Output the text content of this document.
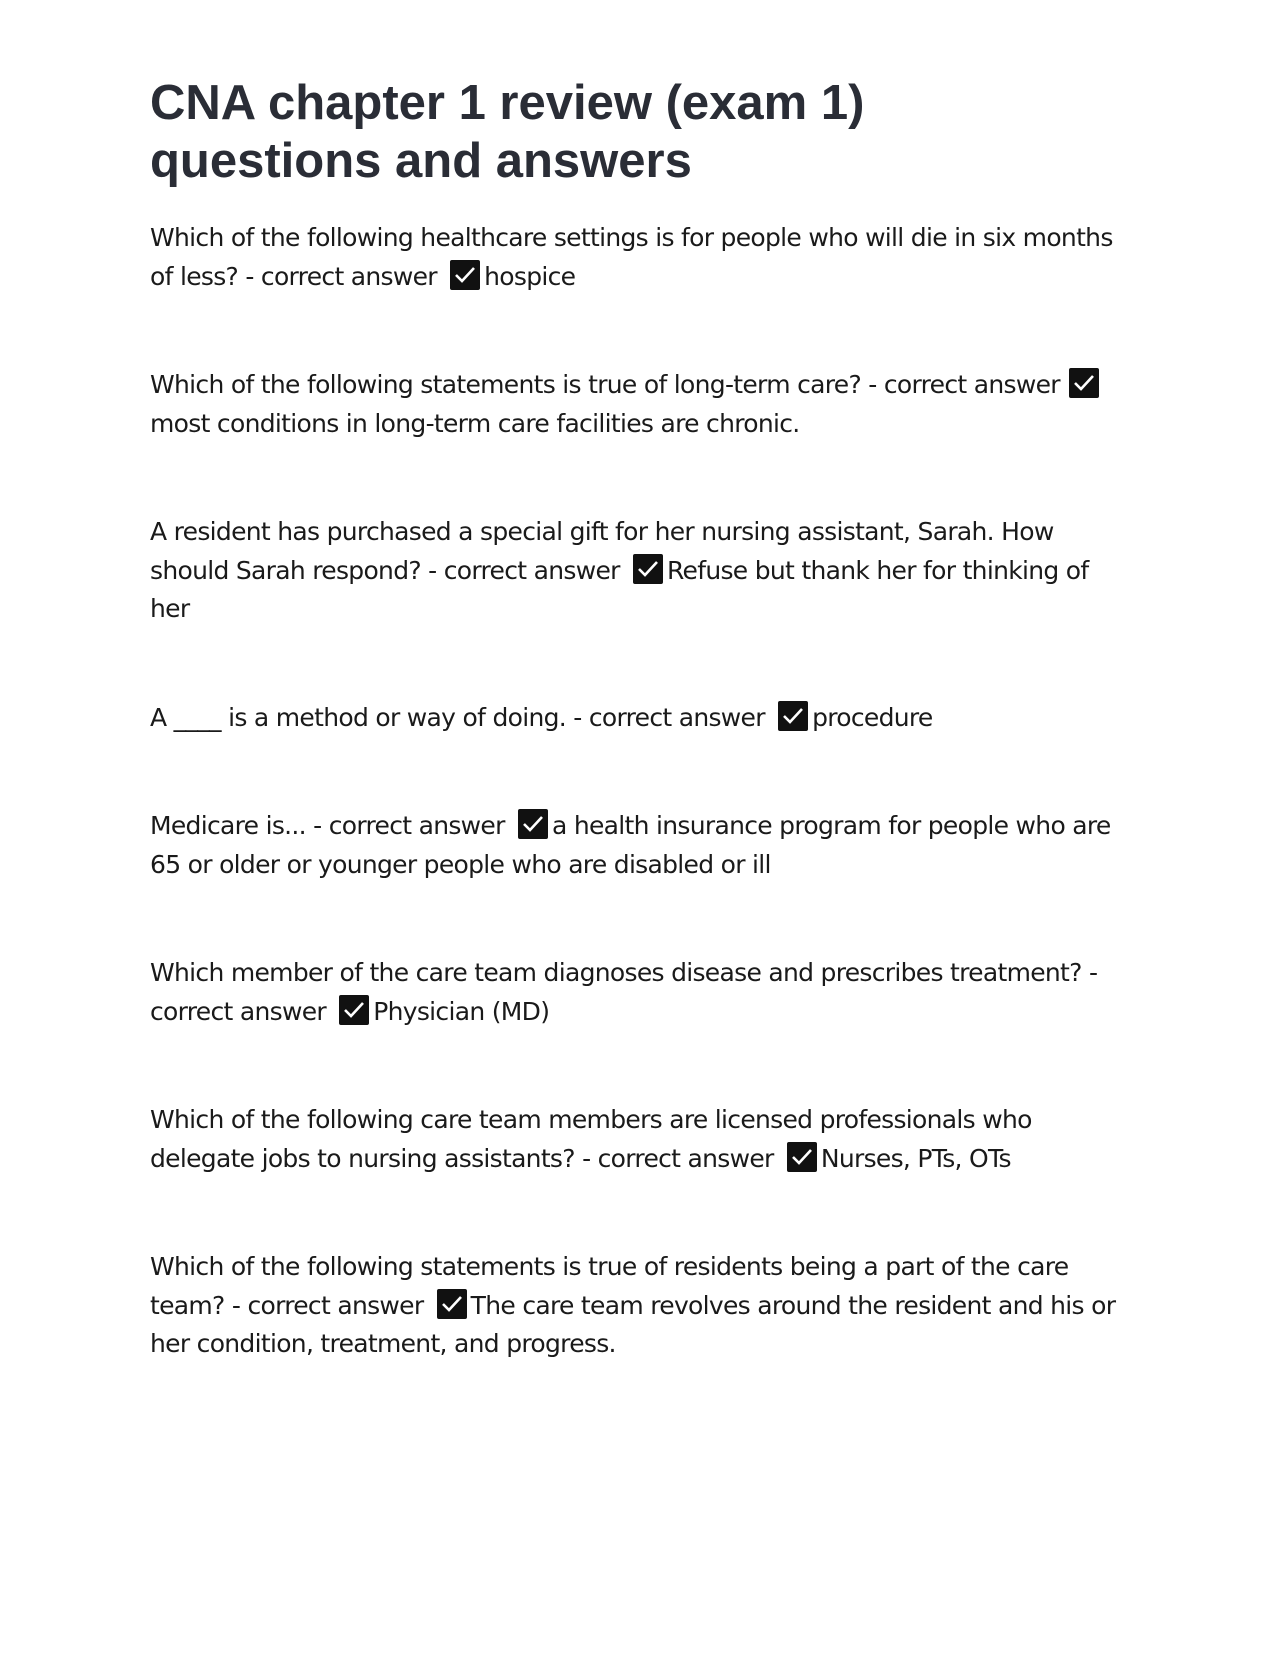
CNA chapter 1 review (exam 1)
questions and answers
Which of the following healthcare settings is for people who will die in six months of less? - correct answer hospice
Which of the following statements is true of long-term care? - correct answer
most conditions in long-term care facilities are chronic.
A resident has purchased a special gift for her nursing assistant, Sarah. How should Sarah respond? - correct answer Refuse but thank her for thinking of her
A ____ is a method or way of doing. - correct answer procedure
Medicare is... - correct answer a health insurance program for people who are 65 or older or younger people who are disabled or ill
Which member of the care team diagnoses disease and prescribes treatment? - correct answer Physician (MD)
Which of the following care team members are licensed professionals who delegate jobs to nursing assistants? - correct answer Nurses, PTs, OTs
Which of the following statements is true of residents being a part of the care team? - correct answer The care team revolves around the resident and his or her condition, treatment, and progress.
